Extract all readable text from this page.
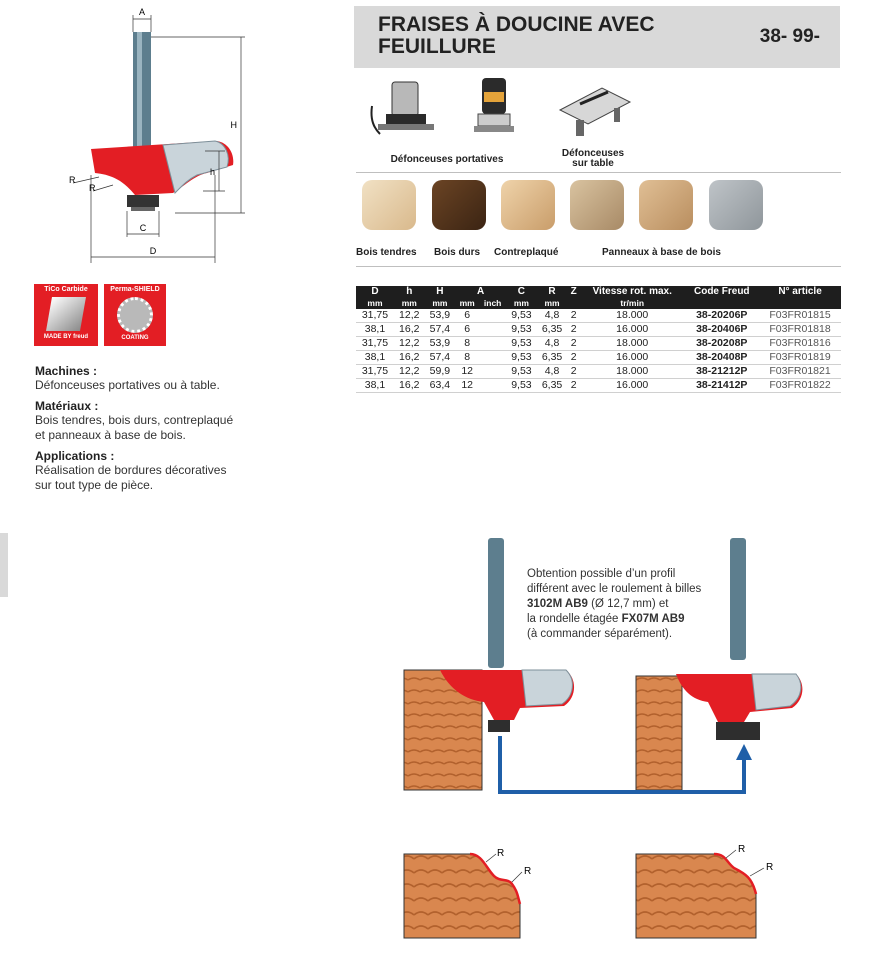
FRAISES À DOUCINE AVEC
FEUILLURE	38- 99-
A
H
h
R
R
C
D
Défonceuses portatives
Défonceuses
sur table
Bois tendres Bois durs Contreplaqué	Panneaux à base de bois
D	h	H	A		C	R	Z	Vitesse rot. max.	Code Freud	N° article
mm	mm	mm	mm	inch	mm	mm		tr/min		
31,75	12,2	53,9	6		9,53	4,8	2	18.000	38-20206P	F03FR01815
38,1	16,2	57,4	6		9,53	6,35	2	16.000	38-20406P	F03FR01818
31,75	12,2	53,9	8		9,53	4,8	2	18.000	38-20208P	F03FR01816
38,1	16,2	57,4	8		9,53	6,35	2	16.000	38-20408P	F03FR01819
31,75	12,2	59,9	12		9,53	4,8	2	18.000	38-21212P	F03FR01821
38,1	16,2	63,4	12		9,53	6,35	2	16.000	38-21412P	F03FR01822
TiCo Carbide
MADE BY freud
Perma-SHIELD
COATING
Machines :
Défonceuses portatives ou à table.
Matériaux :
Bois tendres, bois durs, contreplaqué
et panneaux à base de bois.
Applications :
Réalisation de bordures décoratives
sur tout type de pièce.
Obtention possible d’un profil
différent avec le roulement à billes
3102M AB9 (Ø 12,7 mm) et
la rondelle étagée FX07M AB9
(à commander séparément).
R
R
R
R
